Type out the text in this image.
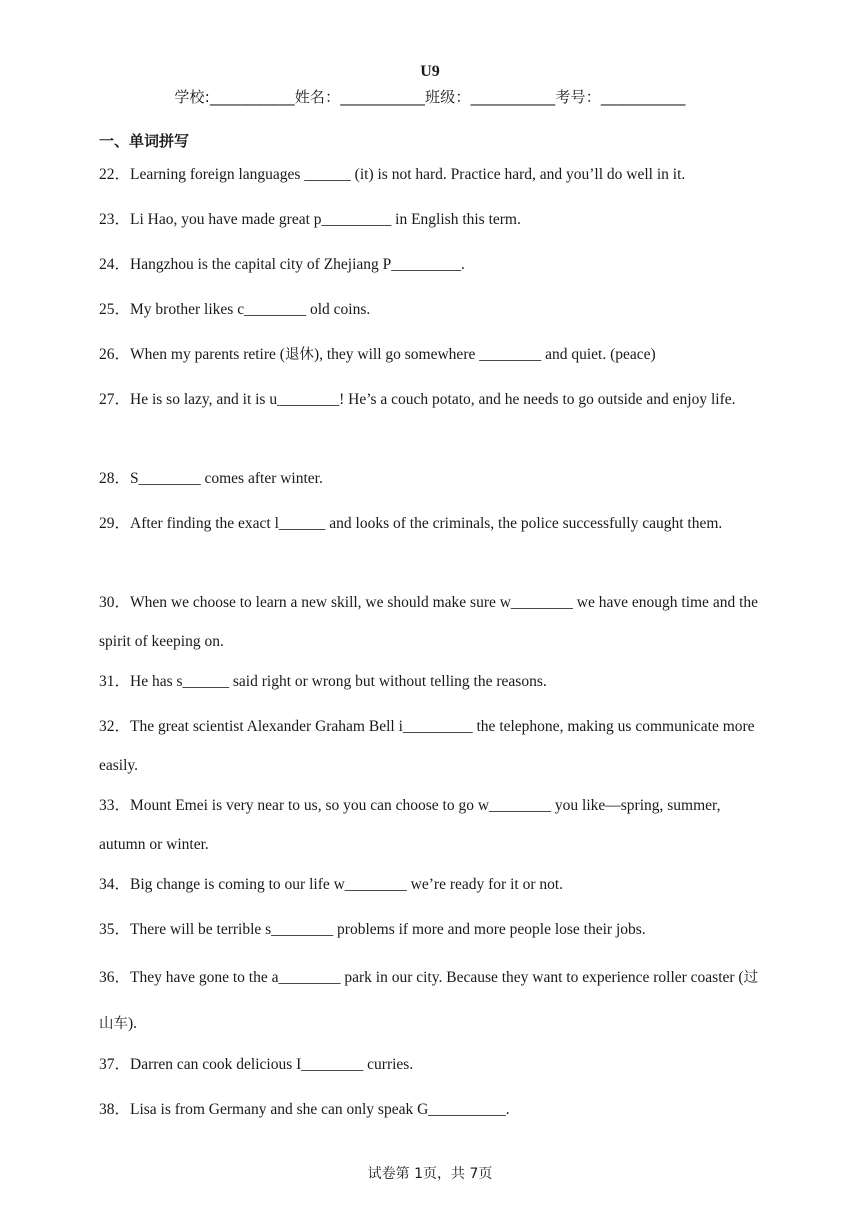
U9
学校:___________姓名：___________班级：___________考号：___________
一、单词拼写
22．Learning foreign languages ______ (it) is not hard. Practice hard, and you’ll do well in it.
23．Li Hao, you have made great p_________ in English this term.
24．Hangzhou is the capital city of Zhejiang P_________.
25．My brother likes c________ old coins.
26．When my parents retire (退休), they will go somewhere ________ and quiet. (peace)
27．He is so lazy, and it is u________! He’s a couch potato, and he needs to go outside and enjoy life.
28．S________ comes after winter.
29．After finding the exact l______ and looks of the criminals, the police successfully caught them.
30．When we choose to learn a new skill, we should make sure w________ we have enough time and the spirit of keeping on.
31．He has s______ said right or wrong but without telling the reasons.
32．The great scientist Alexander Graham Bell i_________ the telephone, making us communicate more easily.
33．Mount Emei is very near to us, so you can choose to go w________ you like—spring, summer, autumn or winter.
34．Big change is coming to our life w________ we’re ready for it or not.
35．There will be terrible s________ problems if more and more people lose their jobs.
36．They have gone to the a________ park in our city. Because they want to experience roller coaster (过山车).
37．Darren can cook delicious I________ curries.
38．Lisa is from Germany and she can only speak G__________.
试卷第 1页，共 7页
